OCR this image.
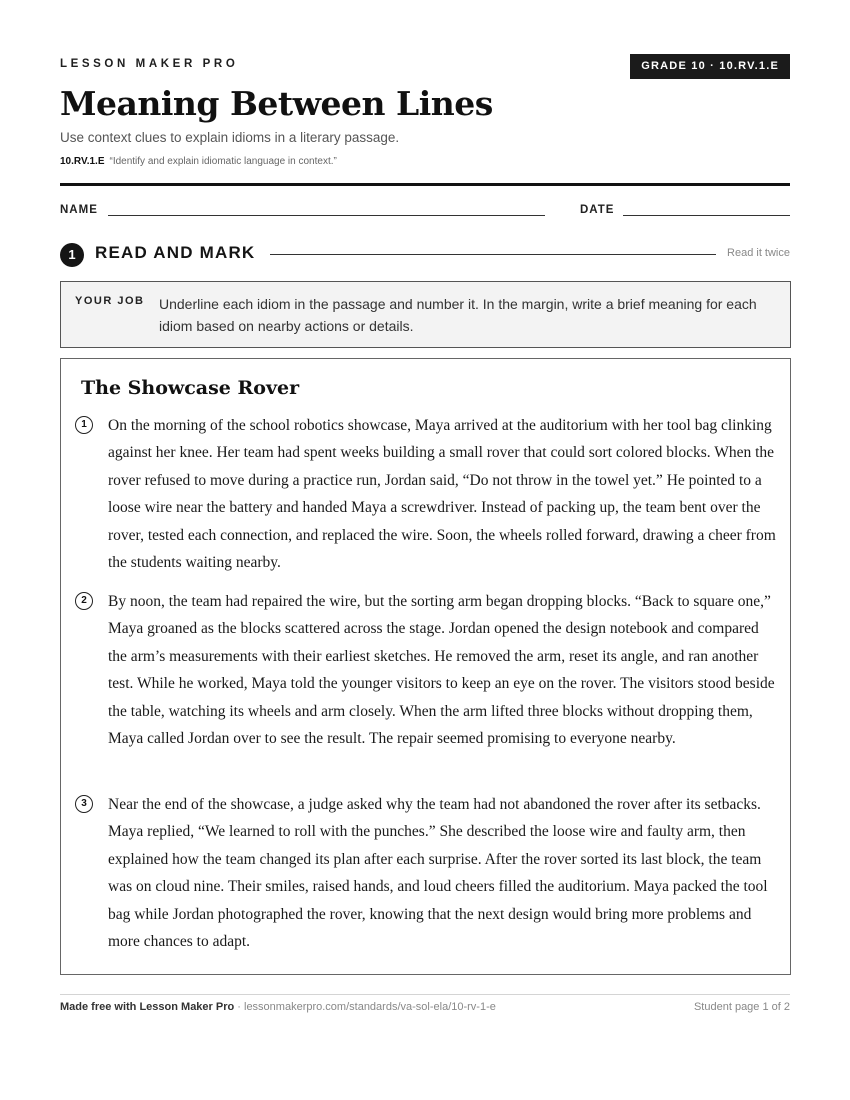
LESSON MAKER PRO	GRADE 10 · 10.RV.1.E
Meaning Between Lines
Use context clues to explain idioms in a literary passage.
10.RV.1.E “Identify and explain idiomatic language in context.”
NAME	DATE
1	READ AND MARK	Read it twice
YOUR JOB Underline each idiom in the passage and number it. In the margin, write a brief meaning for each idiom based on nearby actions or details.
The Showcase Rover
1	On the morning of the school robotics showcase, Maya arrived at the auditorium with her tool bag clinking against her knee. Her team had spent weeks building a small rover that could sort colored blocks. When the rover refused to move during a practice run, Jordan said, “Do not throw in the towel yet.” He pointed to a loose wire near the battery and handed Maya a screwdriver. Instead of packing up, the team bent over the rover, tested each connection, and replaced the wire. Soon, the wheels rolled forward, drawing a cheer from the students waiting nearby.
2	By noon, the team had repaired the wire, but the sorting arm began dropping blocks. “Back to square one,” Maya groaned as the blocks scattered across the stage. Jordan opened the design notebook and compared the arm’s measurements with their earliest sketches. He removed the arm, reset its angle, and ran another test. While he worked, Maya told the younger visitors to keep an eye on the rover. The visitors stood beside the table, watching its wheels and arm closely. When the arm lifted three blocks without dropping them, Maya called Jordan over to see the result. The repair seemed promising to everyone nearby.
3	Near the end of the showcase, a judge asked why the team had not abandoned the rover after its setbacks. Maya replied, “We learned to roll with the punches.” She described the loose wire and faulty arm, then explained how the team changed its plan after each surprise. After the rover sorted its last block, the team was on cloud nine. Their smiles, raised hands, and loud cheers filled the auditorium. Maya packed the tool bag while Jordan photographed the rover, knowing that the next design would bring more problems and more chances to adapt.
Made free with Lesson Maker Pro · lessonmakerpro.com/standards/va-sol-ela/10-rv-1-e	Student page 1 of 2
